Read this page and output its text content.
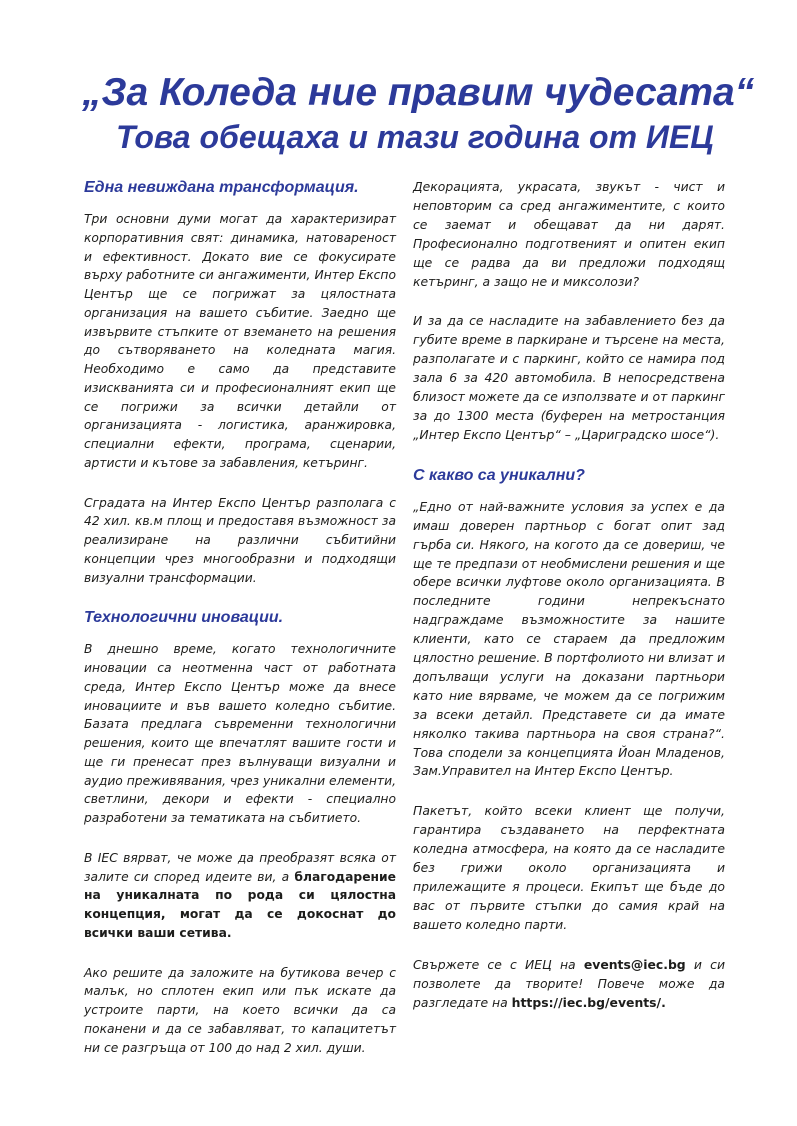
„За Коледа ние правим чудесата“
Това обещаха и тази година от ИЕЦ
Една невиждана трансформация.

Три основни думи могат да характеризират корпоративния свят: динамика, натовареност и ефективност. Докато вие се фокусирате върху работните си ангажименти, Интер Експо Център ще се погрижат за цялостната организация на вашето събитие. Заедно ще извървите стъпките от вземането на решения до сътворяването на коледната магия. Необходимо е само да представите изискванията си и професионалният екип ще се погрижи за всички детайли от организацията - логистика, аранжировка, специални ефекти, програма, сценарии, артисти и кътове за забавления, кетъринг.

Сградата на Интер Експо Център разполага с 42 хил. кв.м площ и предоставя възможност за реализиране на различни събитийни концепции чрез многообразни и подходящи визуални трансформации.

Технологични иновации.

В днешно време, когато технологичните иновации са неотменна част от работната среда, Интер Експо Център може да внесе иновациите и във вашето коледно събитие. Базата предлага съвременни технологични решения, които ще впечатлят вашите гости и ще ги пренесат през вълнуващи визуални и аудио преживявания, чрез уникални елементи, светлини, декори и ефекти - специално разработени за тематиката на събитието.

В IEC вярват, че може да преобразят всяка от залите си според идеите ви, а благодарение на уникалната по рода си цялостна концепция, могат да се докоснат до всички ваши сетива.

Ако решите да заложите на бутикова вечер с малък, но сплотен екип или пък искате да устроите парти, на което всички да са поканени и да се забавляват, то капацитетът ни се разгръща от 100 до над 2 хил. души.

Декорацията, украсата, звукът - чист и неповторим са сред ангажиментите, с които се заемат и обещават да ни дарят. Професионално подготвеният и опитен екип ще се радва да ви предложи подходящ кетъринг, а защо не и миксолози?

И за да се насладите на забавлението без да губите време в паркиране и търсене на места, разполагате и с паркинг, който се намира под зала 6 за 420 автомобила. В непосредствена близост можете да се използвате и от паркинг за до 1300 места (буферен на метростанция „Интер Експо Център“ – „Цариградско шосе“).

С какво са уникални?

„Едно от най-важните условия за успех е да имаш доверен партньор с богат опит зад гърба си. Някого, на когото да се довериш, че ще те предпази от необмислени решения и ще обере всички луфтове около организацията. В последните години непрекъснато надграждаме възможностите за нашите клиенти, като се стараем да предложим цялостно решение. В портфолиото ни влизат и допълващи услуги на доказани партньори като ние вярваме, че можем да се погрижим за всеки детайл. Представете си да имате няколко такива партньора на своя страна?“. Това сподели за концепцията Йоан Младенов, Зам.Управител на Интер Експо Център.

Пакетът, който всеки клиент ще получи, гарантира създаването на перфектната коледна атмосфера, на която да се насладите без грижи около организацията и прилежащите я процеси. Екипът ще бъде до вас от първите стъпки до самия край на вашето коледно парти.

Свържете се с ИЕЦ на events@iec.bg и си позволете да творите! Повече може да разгледате на https://iec.bg/events/.
